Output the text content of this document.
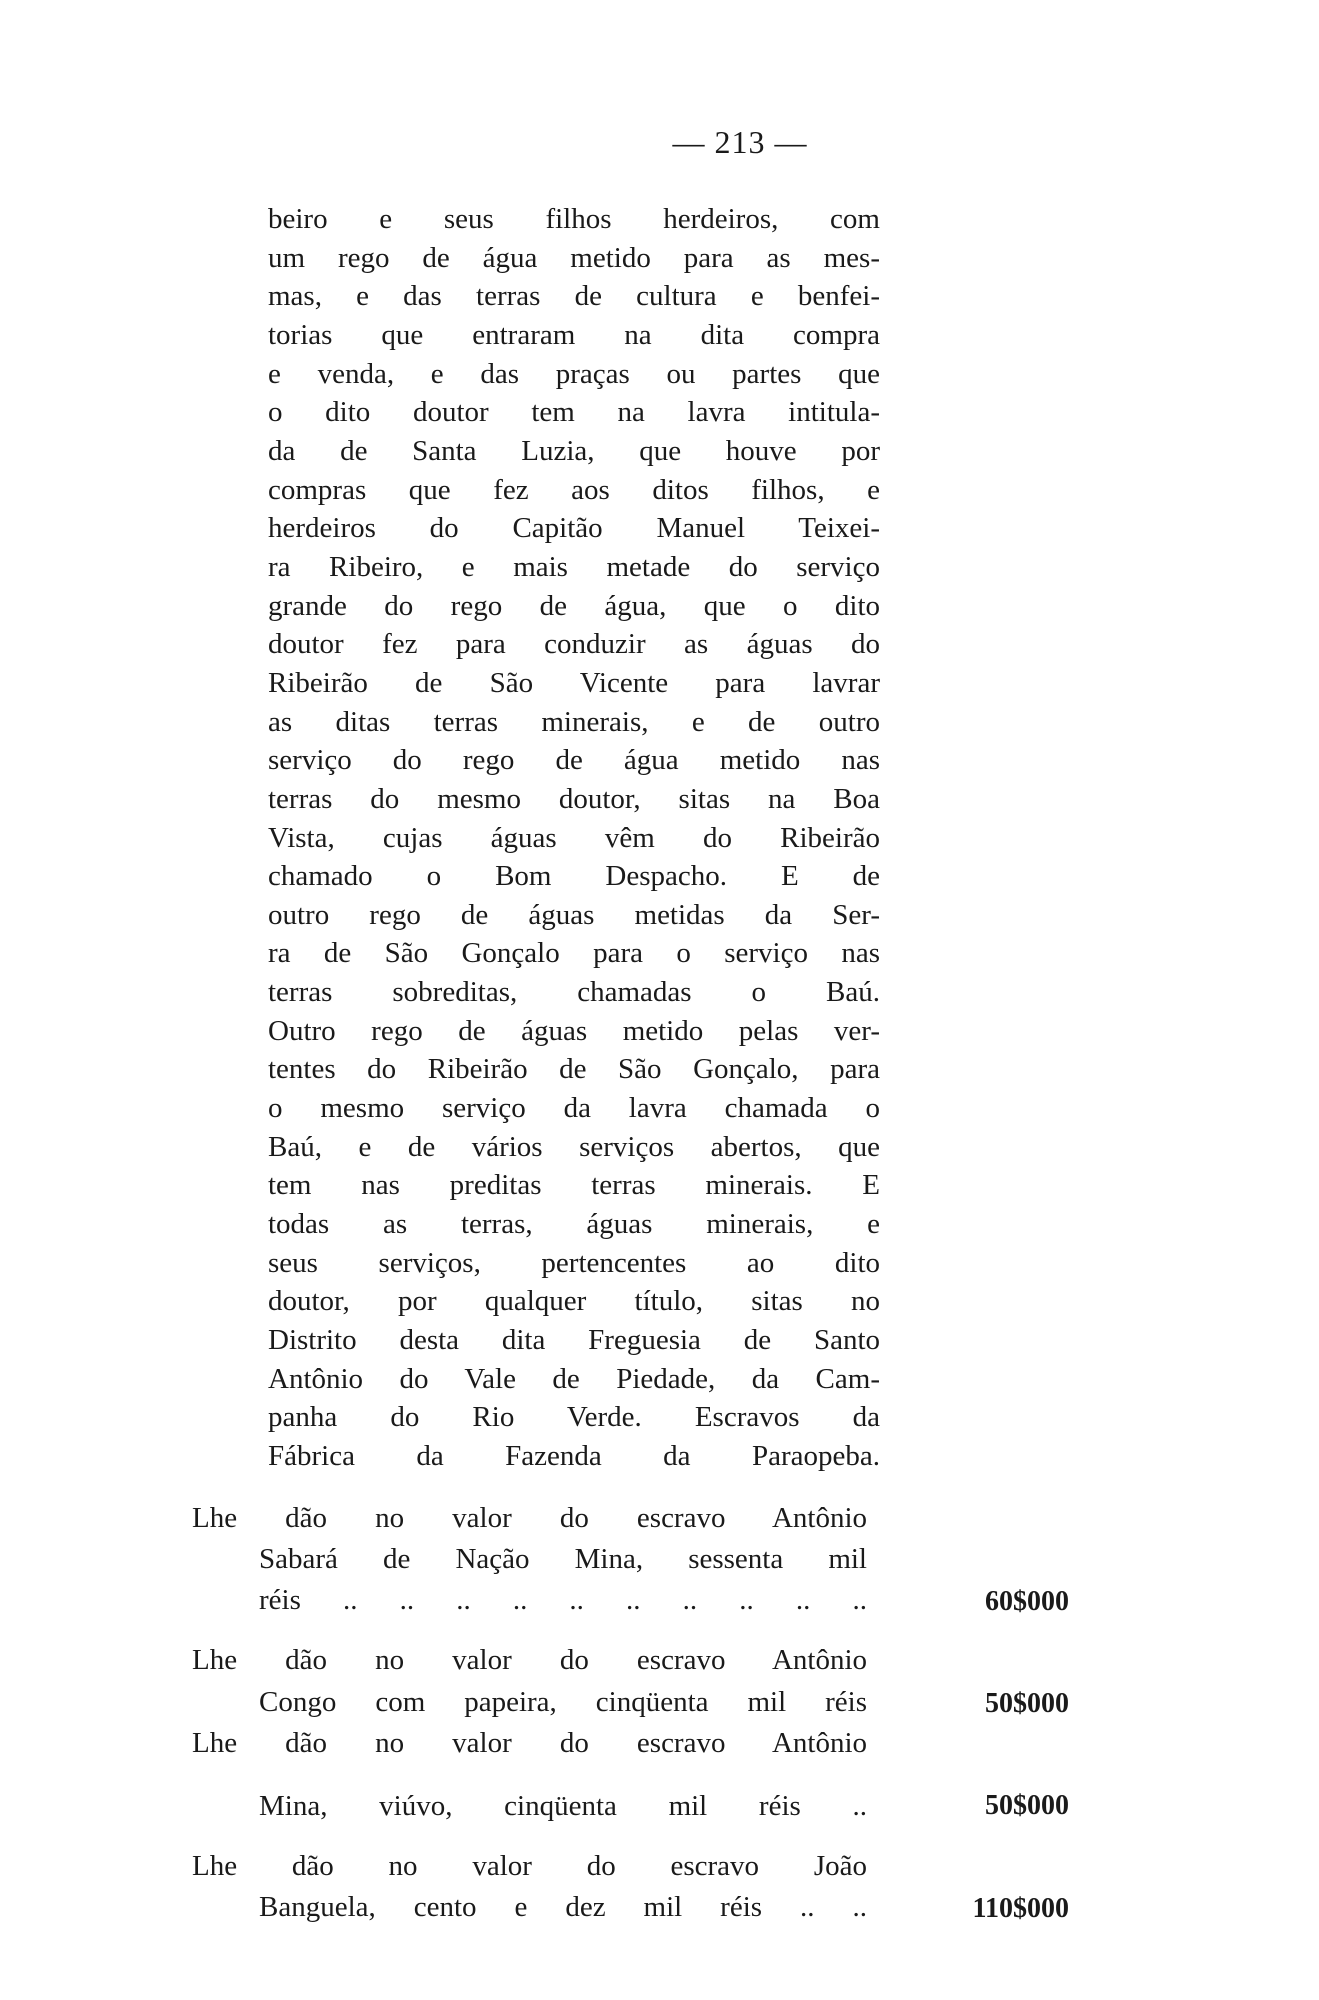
— 213 —
beiro e seus filhos herdeiros, com
um rego de água metido para as mes-
mas, e das terras de cultura e benfei-
torias que entraram na dita compra
e venda, e das praças ou partes que
o dito doutor tem na lavra intitula-
da de Santa Luzia, que houve por
compras que fez aos ditos filhos, e
herdeiros do Capitão Manuel Teixei-
ra Ribeiro, e mais metade do serviço
grande do rego de água, que o dito
doutor fez para conduzir as águas do
Ribeirão de São Vicente para lavrar
as ditas terras minerais, e de outro
serviço do rego de água metido nas
terras do mesmo doutor, sitas na Boa
Vista, cujas águas vêm do Ribeirão
chamado o Bom Despacho. E de
outro rego de águas metidas da Ser-
ra de São Gonçalo para o serviço nas
terras sobreditas, chamadas o Baú.
Outro rego de águas metido pelas ver-
tentes do Ribeirão de São Gonçalo, para
o mesmo serviço da lavra chamada o
Baú, e de vários serviços abertos, que
tem nas preditas terras minerais. E
todas as terras, águas minerais, e
seus serviços, pertencentes ao dito
doutor, por qualquer título, sitas no
Distrito desta dita Freguesia de Santo
Antônio do Vale de Piedade, da Cam-
panha do Rio Verde. Escravos da
Fábrica da Fazenda da Paraopeba.
Lhe dão no valor do escravo Antônio
Sabará de Nação Mina, sessenta mil
réis .. .. .. .. .. .. .. .. .. ..	60$000
Lhe dão no valor do escravo Antônio
Congo com papeira, cinqüenta mil réis	50$000
Lhe dão no valor do escravo Antônio
Mina, viúvo, cinqüenta mil réis ..	50$000
Lhe dão no valor do escravo João
Banguela, cento e dez mil réis .. ..	110$000
